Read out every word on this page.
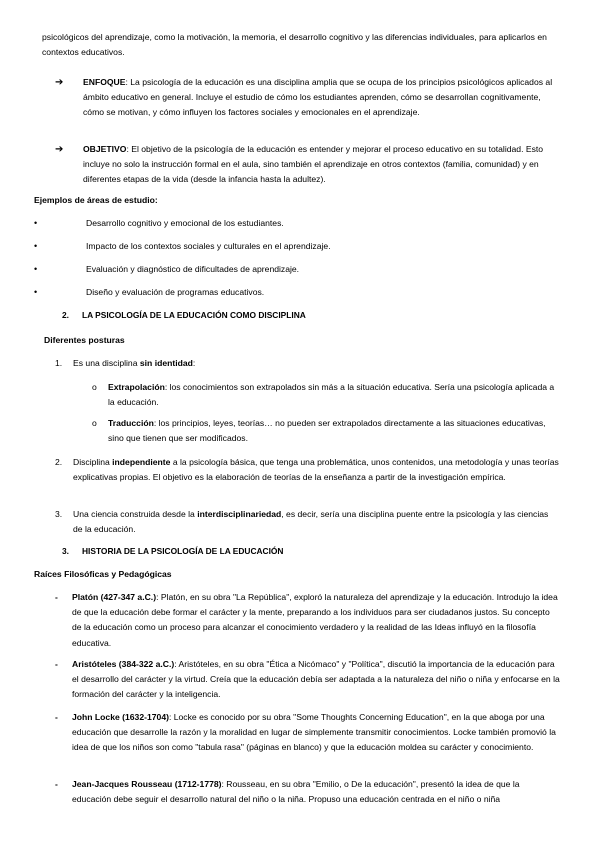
psicológicos del aprendizaje, como la motivación, la memoria, el desarrollo cognitivo y las diferencias individuales, para aplicarlos en contextos educativos.

➔ ENFOQUE: La psicología de la educación es una disciplina amplia que se ocupa de los principios psicológicos aplicados al ámbito educativo en general. Incluye el estudio de cómo los estudiantes aprenden, cómo se desarrollan cognitivamente, cómo se motivan, y cómo influyen los factores sociales y emocionales en el aprendizaje.

➔ OBJETIVO: El objetivo de la psicología de la educación es entender y mejorar el proceso educativo en su totalidad. Esto incluye no solo la instrucción formal en el aula, sino también el aprendizaje en otros contextos (familia, comunidad) y en diferentes etapas de la vida (desde la infancia hasta la adultez).

Ejemplos de áreas de estudio:
•	Desarrollo cognitivo y emocional de los estudiantes.
•	Impacto de los contextos sociales y culturales en el aprendizaje.
•	Evaluación y diagnóstico de dificultades de aprendizaje.
•	Diseño y evaluación de programas educativos.
2. LA PSICOLOGÍA DE LA EDUCACIÓN COMO DISCIPLINA
Diferentes posturas
1. Es una disciplina sin identidad:

o Extrapolación: los conocimientos son extrapolados sin más a la situación educativa. Sería una psicología aplicada a la educación.

o Traducción: los principios, leyes, teorías… no pueden ser extrapolados directamente a las situaciones educativas, sino que tienen que ser modificados.

2. Disciplina independiente a la psicología básica, que tenga una problemática, unos contenidos, una metodología y unas teorías explicativas propias. El objetivo es la elaboración de teorías de la enseñanza a partir de la investigación empírica.

3. Una ciencia construida desde la interdisciplinariedad, es decir, sería una disciplina puente entre la psicología y las ciencias de la educación.

3. HISTORIA DE LA PSICOLOGÍA DE LA EDUCACIÓN
Raíces Filosóficas y Pedagógicas
- Platón (427-347 a.C.): Platón, en su obra "La República", exploró la naturaleza del aprendizaje y la educación. Introdujo la idea de que la educación debe formar el carácter y la mente, preparando a los individuos para ser ciudadanos justos. Su concepto de la educación como un proceso para alcanzar el conocimiento verdadero y la realidad de las Ideas influyó en la filosofía educativa.

- Aristóteles (384-322 a.C.): Aristóteles, en su obra "Ética a Nicómaco" y "Política", discutió la importancia de la educación para el desarrollo del carácter y la virtud. Creía que la educación debía ser adaptada a la naturaleza del niño o niña y enfocarse en la formación del carácter y la inteligencia.

- John Locke (1632-1704): Locke es conocido por su obra "Some Thoughts Concerning Education", en la que aboga por una educación que desarrolle la razón y la moralidad en lugar de simplemente transmitir conocimientos. Locke también promovió la idea de que los niños son como "tabula rasa" (páginas en blanco) y que la educación moldea su carácter y conocimiento.

- Jean-Jacques Rousseau (1712-1778): Rousseau, en su obra "Emilio, o De la educación", presentó la idea de que la educación debe seguir el desarrollo natural del niño o la niña. Propuso una educación centrada en el niño o niña
